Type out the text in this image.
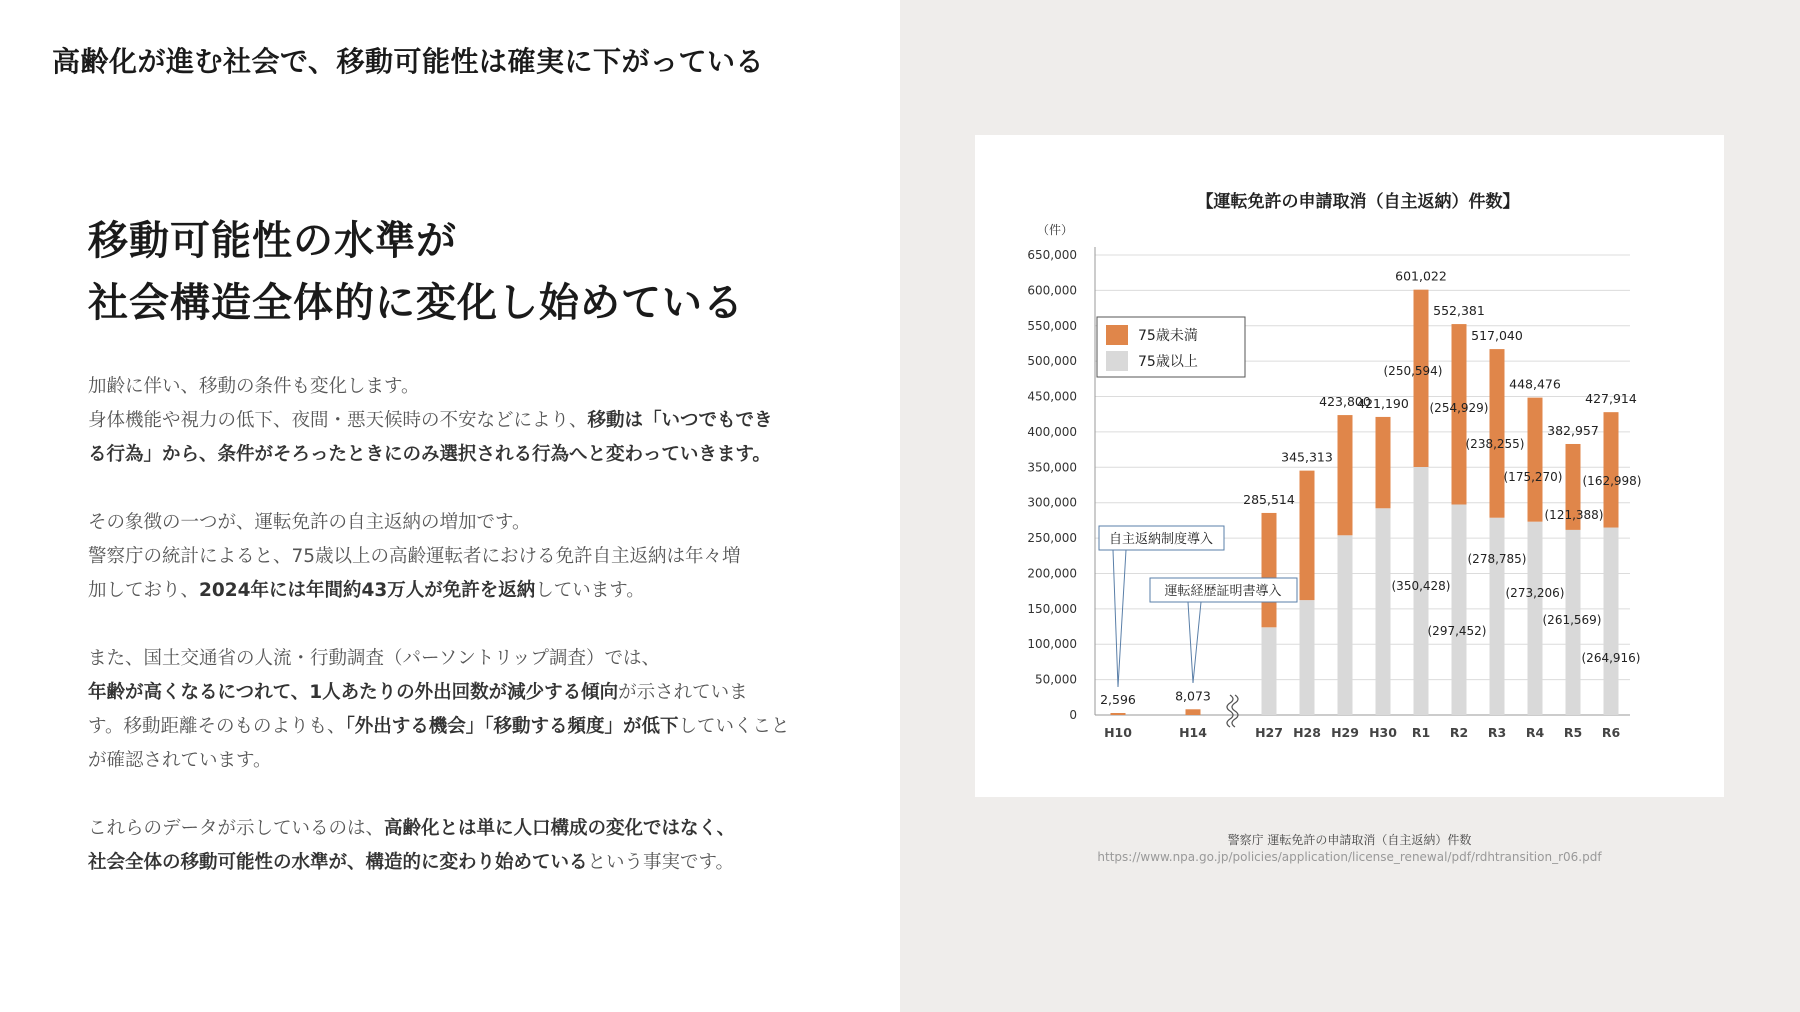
高齢化が進む社会で、移動可能性は確実に下がっている
移動可能性の水準が
社会構造全体的に変化し始めている

加齢に伴い、移動の条件も変化します。
身体機能や視力の低下、夜間・悪天候時の不安などにより、移動は「いつでもでき
る行為」から、条件がそろったときにのみ選択される行為へと変わっていきます。

その象徴の一つが、運転免許の自主返納の増加です。
警察庁の統計によると、75歳以上の高齢運転者における免許自主返納は年々増
加しており、2024年には年間約43万人が免許を返納しています。

また、国土交通省の人流・行動調査（パーソントリップ調査）では、
年齢が高くなるにつれて、1人あたりの外出回数が減少する傾向が示されていま
す。移動距離そのものよりも、「外出する機会」「移動する頻度」が低下していくこと
が確認されています。

これらのデータが示しているのは、高齢化とは単に人口構成の変化ではなく、
社会全体の移動可能性の水準が、構造的に変わり始めているという事実です。

【運転免許の申請取消（自主返納）件数】
（件）
0
50,000
100,000
150,000
200,000
250,000
300,000
350,000
400,000
450,000
500,000
550,000
600,000
650,000
2,596
H10
8,073
H14
285,514
H27
345,313
H28
423,800
H29
421,190
H30
601,022
R1
552,381
R2
517,040
R3
448,476
R4
382,957
R5
427,914
R6
(250,594)
(350,428)
(254,929)
(297,452)
(238,255)
(278,785)
(175,270)
(273,206)
(121,388)
(261,569)
(162,998)
(264,916)
75歳未満
75歳以上
自主返納制度導入
運転経歴証明書導入
警察庁 運転免許の申請取消（自主返納）件数
https://www.npa.go.jp/policies/application/license_renewal/pdf/rdhtransition_r06.pdf
